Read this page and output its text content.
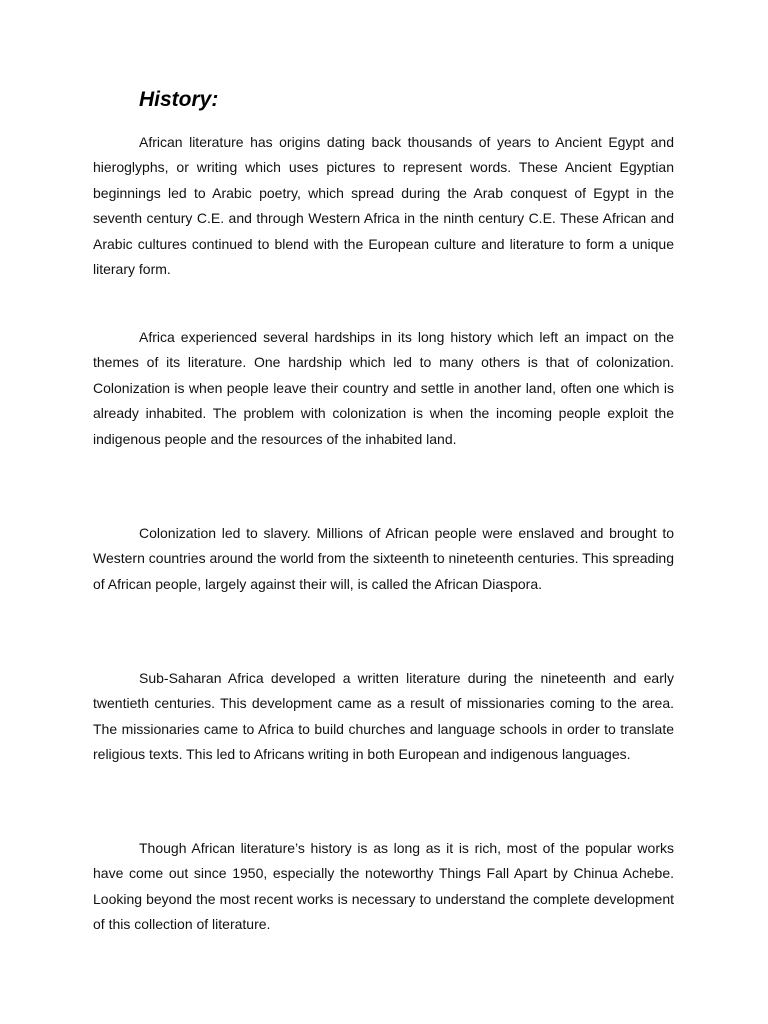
History:

African literature has origins dating back thousands of years to Ancient Egypt and hieroglyphs, or writing which uses pictures to represent words. These Ancient Egyptian beginnings led to Arabic poetry, which spread during the Arab conquest of Egypt in the seventh century C.E. and through Western Africa in the ninth century C.E. These African and Arabic cultures continued to blend with the European culture and literature to form a unique literary form.

Africa experienced several hardships in its long history which left an impact on the themes of its literature. One hardship which led to many others is that of colonization. Colonization is when people leave their country and settle in another land, often one which is already inhabited. The problem with colonization is when the incoming people exploit the indigenous people and the resources of the inhabited land.

Colonization led to slavery. Millions of African people were enslaved and brought to Western countries around the world from the sixteenth to nineteenth centuries. This spreading of African people, largely against their will, is called the African Diaspora.

Sub-Saharan Africa developed a written literature during the nineteenth and early twentieth centuries. This development came as a result of missionaries coming to the area. The missionaries came to Africa to build churches and language schools in order to translate religious texts. This led to Africans writing in both European and indigenous languages.

Though African literature’s history is as long as it is rich, most of the popular works have come out since 1950, especially the noteworthy Things Fall Apart by Chinua Achebe. Looking beyond the most recent works is necessary to understand the complete development of this collection of literature.
